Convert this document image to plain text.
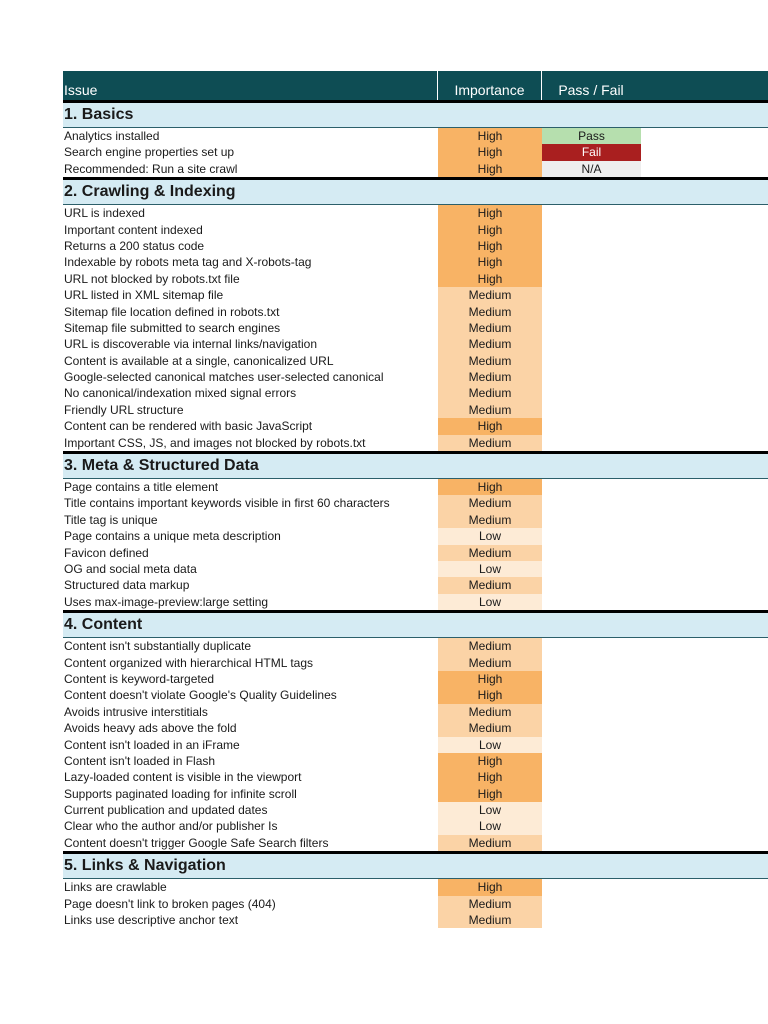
Issue	Importance	Pass / Fail
1. Basics
Analytics installed	High	Pass
Search engine properties set up	High	Fail
Recommended: Run a site crawl	High	N/A
2. Crawling & Indexing
URL is indexed	High
Important content indexed	High
Returns a 200 status code	High
Indexable by robots meta tag and X-robots-tag	High
URL not blocked by robots.txt file	High
URL listed in XML sitemap file	Medium
Sitemap file location defined in robots.txt	Medium
Sitemap file submitted to search engines	Medium
URL is discoverable via internal links/navigation	Medium
Content is available at a single, canonicalized URL	Medium
Google-selected canonical matches user-selected canonical	Medium
No canonical/indexation mixed signal errors	Medium
Friendly URL structure	Medium
Content can be rendered with basic JavaScript	High
Important CSS, JS, and images not blocked by robots.txt	Medium
3. Meta & Structured Data
Page contains a title element	High
Title contains important keywords visible in first 60 characters	Medium
Title tag is unique	Medium
Page contains a unique meta description	Low
Favicon defined	Medium
OG and social meta data	Low
Structured data markup	Medium
Uses max-image-preview:large setting	Low
4. Content
Content isn't substantially duplicate	Medium
Content organized with hierarchical HTML tags	Medium
Content is keyword-targeted	High
Content doesn't violate Google's Quality Guidelines	High
Avoids intrusive interstitials	Medium
Avoids heavy ads above the fold	Medium
Content isn't loaded in an iFrame	Low
Content isn't loaded in Flash	High
Lazy-loaded content is visible in the viewport	High
Supports paginated loading for infinite scroll	High
Current publication and updated dates	Low
Clear who the author and/or publisher Is	Low
Content doesn't trigger Google Safe Search filters	Medium
5. Links & Navigation
Links are crawlable	High
Page doesn't link to broken pages (404)	Medium
Links use descriptive anchor text	Medium
